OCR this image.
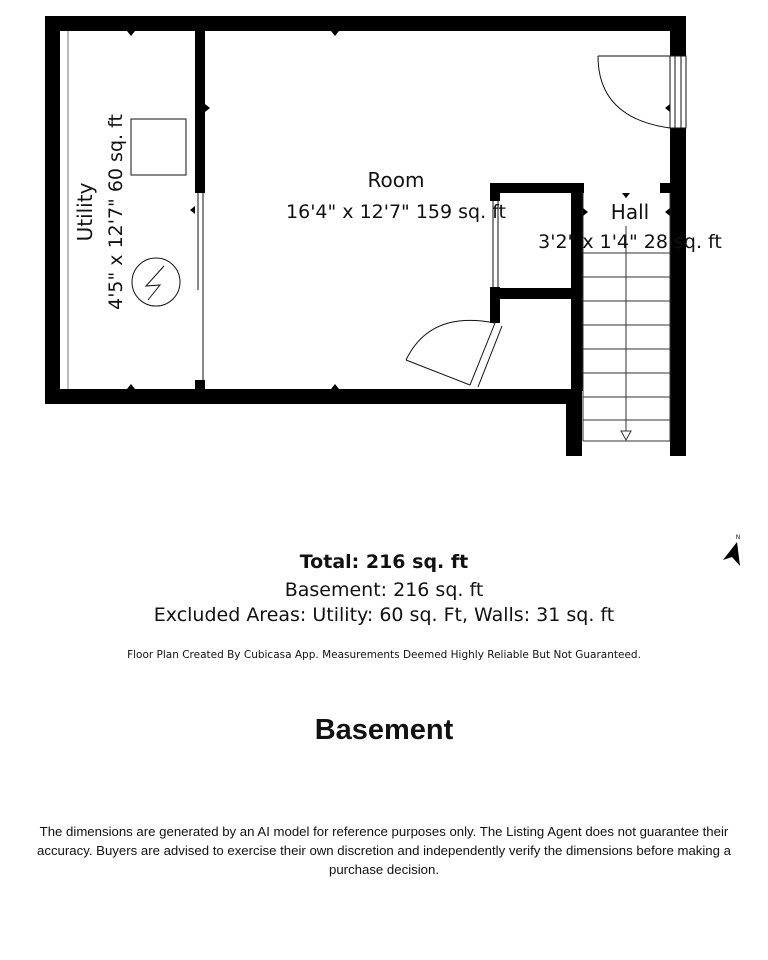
Room
16'4" x 12'7" 159 sq. ft
Utility 4'5" x 12'7" 60 sq. ft	Hall
3'2" x 1'4" 28 sq. ft
N
Total: 216 sq. ft
Basement: 216 sq. ft
Excluded Areas: Utility: 60 sq. Ft, Walls: 31 sq. ft
Floor Plan Created By Cubicasa App. Measurements Deemed Highly Reliable But Not Guaranteed.
Basement
The dimensions are generated by an AI model for reference purposes only. The Listing Agent does not guarantee their accuracy. Buyers are advised to exercise their own discretion and independently verify the dimensions before making a purchase decision.
